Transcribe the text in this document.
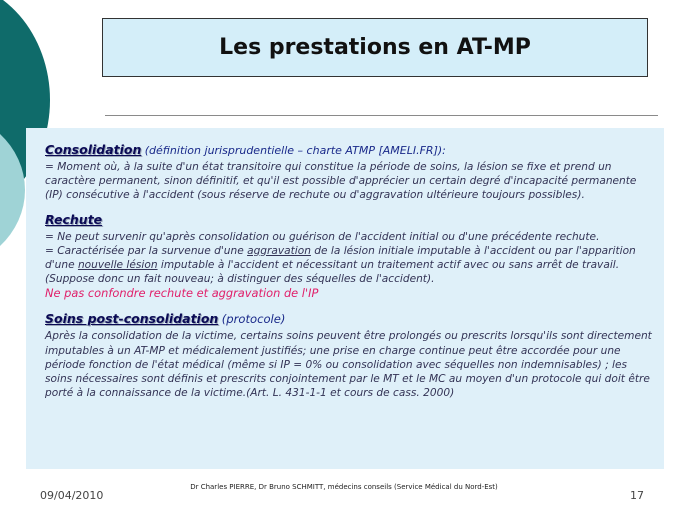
Les prestations en AT-MP

Consolidation (définition jurisprudentielle – charte ATMP [AMELI.FR]):

= Moment où, à la suite d'un état transitoire qui constitue la période de soins, la lésion se fixe et prend un caractère permanent, sinon définitif, et qu'il est possible d'apprécier un certain degré d'incapacité permanente (IP) consécutive à l'accident (sous réserve de rechute ou d'aggravation ultérieure toujours possibles).

Rechute

= Ne peut survenir qu'après consolidation ou guérison de l'accident initial ou d'une précédente rechute.

= Caractérisée par la survenue d'une aggravation de la lésion initiale imputable à l'accident ou par l'apparition d'une nouvelle lésion imputable à l'accident et nécessitant un traitement actif avec ou sans arrêt de travail. (Suppose donc un fait nouveau; à distinguer des séquelles de l'accident).

Ne pas confondre rechute et aggravation de l'IP

Soins post-consolidation (protocole)

Après la consolidation de la victime, certains soins peuvent être prolongés ou prescrits lorsqu'ils sont directement imputables à un AT-MP et médicalement justifiés; une prise en charge continue peut être accordée pour une période fonction de l'état médical (même si IP = 0% ou consolidation avec séquelles non indemnisables) ; les soins nécessaires sont définis et prescrits conjointement par le MT et le MC au moyen d'un protocole qui doit être porté à la connaissance de la victime.(Art. L. 431-1-1 et cours de cass. 2000)

09/04/2010
Dr Charles PIERRE, Dr Bruno SCHMITT, médecins conseils (Service Médical du Nord-Est)
17
